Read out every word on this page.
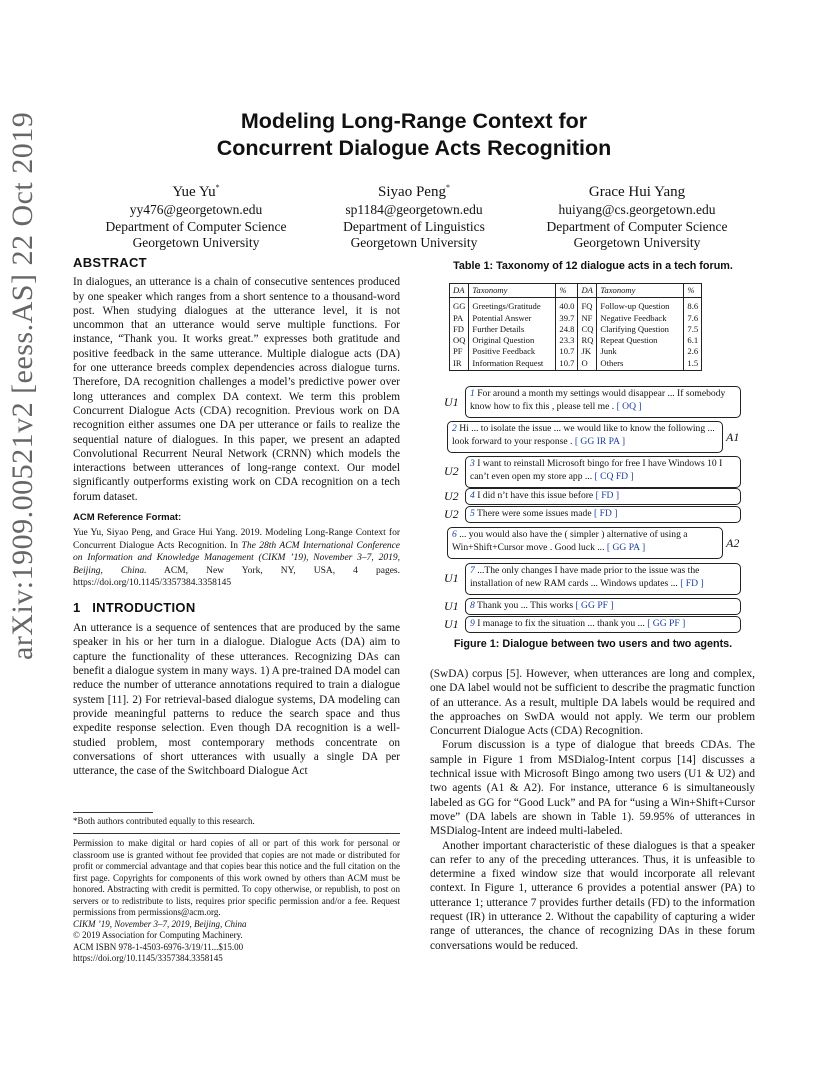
arXiv:1909.00521v2 [eess.AS] 22 Oct 2019	Modeling Long-Range Context for
Concurrent Dialogue Acts Recognition
Yue Yu*
yy476@georgetown.edu
Department of Computer Science
Georgetown University
Siyao Peng*
sp1184@georgetown.edu
Department of Linguistics
Georgetown University
Grace Hui Yang
huiyang@cs.georgetown.edu
Department of Computer Science
Georgetown University
ABSTRACT

In dialogues, an utterance is a chain of consecutive sentences produced by one speaker which ranges from a short sentence to a thousand-word post. When studying dialogues at the utterance level, it is not uncommon that an utterance would serve multiple functions. For instance, “Thank you. It works great.” expresses both gratitude and positive feedback in the same utterance. Multiple dialogue acts (DA) for one utterance breeds complex dependencies across dialogue turns. Therefore, DA recognition challenges a model’s predictive power over long utterances and complex DA context. We term this problem Concurrent Dialogue Acts (CDA) recognition. Previous work on DA recognition either assumes one DA per utterance or fails to realize the sequential nature of dialogues. In this paper, we present an adapted Convolutional Recurrent Neural Network (CRNN) which models the interactions between utterances of long-range context. Our model significantly outperforms existing work on CDA recognition on a tech forum dataset.

ACM Reference Format:
Yue Yu, Siyao Peng, and Grace Hui Yang. 2019. Modeling Long-Range Context for Concurrent Dialogue Acts Recognition. In The 28th ACM International Conference on Information and Knowledge Management (CIKM ’19), November 3–7, 2019, Beijing, China. ACM, New York, NY, USA, 4 pages. https://doi.org/10.1145/3357384.3358145
1   INTRODUCTION

An utterance is a sequence of sentences that are produced by the same speaker in his or her turn in a dialogue. Dialogue Acts (DA) aim to capture the functionality of these utterances. Recognizing DAs can benefit a dialogue system in many ways. 1) A pre-trained DA model can reduce the number of utterance annotations required to train a dialogue system [11]. 2) For retrieval-based dialogue systems, DA modeling can provide meaningful patterns to reduce the search space and thus expedite response selection. Even though DA recognition is a well-studied problem, most contemporary methods concentrate on conversations of short utterances with usually a single DA per utterance, the case of the Switchboard Dialogue Act

*Both authors contributed equally to this research.
Permission to make digital or hard copies of all or part of this work for personal or classroom use is granted without fee provided that copies are not made or distributed for profit or commercial advantage and that copies bear this notice and the full citation on the first page. Copyrights for components of this work owned by others than ACM must be honored. Abstracting with credit is permitted. To copy otherwise, or republish, to post on servers or to redistribute to lists, requires prior specific permission and/or a fee. Request permissions from permissions@acm.org.
CIKM ’19, November 3–7, 2019, Beijing, China
© 2019 Association for Computing Machinery.
ACM ISBN 978-1-4503-6976-3/19/11...$15.00
https://doi.org/10.1145/3357384.3358145
Table 1: Taxonomy of 12 dialogue acts in a tech forum.
DA	Taxonomy	%	DA	Taxonomy	%
GG	Greetings/Gratitude	40.0	FQ	Follow-up Question	8.6
PA	Potential Answer	39.7	NF	Negative Feedback	7.6
FD	Further Details	24.8	CQ	Clarifying Question	7.5
OQ	Original Question	23.3	RQ	Repeat Question	6.1
PF	Positive Feedback	10.7	JK	Junk	2.6
IR	Information Request	10.7	O	Others	1.5
U1
1 For around a month my settings would disappear ... If somebody know how to fix this , please tell me . [ OQ ]
2 Hi ... to isolate the issue ... we would like to know the following ... look forward to your response . [ GG IR PA ]	A1
U2
3 I want to reinstall Microsoft bingo for free I have Windows 10 I can’t even open my store app ... [ CQ FD ]
U2	4 I did n’t have this issue before [ FD ]
U2	5 There were some issues made [ FD ]
6 ... you would also have the ( simpler ) alternative of using a Win+Shift+Cursor move . Good luck ... [ GG PA ]	A2
U1
7 ...The only changes I have made prior to the issue was the installation of new RAM cards ... Windows updates ... [ FD ]
U1	8 Thank you ... This works [ GG PF ]
U1	9 I manage to fix the situation ... thank you ... [ GG PF ]
Figure 1: Dialogue between two users and two agents.

(SwDA) corpus [5]. However, when utterances are long and complex, one DA label would not be sufficient to describe the pragmatic function of an utterance. As a result, multiple DA labels would be required and the approaches on SwDA would not apply. We term our problem Concurrent Dialogue Acts (CDA) Recognition.

Forum discussion is a type of dialogue that breeds CDAs. The sample in Figure 1 from MSDialog-Intent corpus [14] discusses a technical issue with Microsoft Bingo among two users (U1 & U2) and two agents (A1 & A2). For instance, utterance 6 is simultaneously labeled as GG for “Good Luck” and PA for “using a Win+Shift+Cursor move” (DA labels are shown in Table 1). 59.95% of utterances in MSDialog-Intent are indeed multi-labeled.

Another important characteristic of these dialogues is that a speaker can refer to any of the preceding utterances. Thus, it is unfeasible to determine a fixed window size that would incorporate all relevant context. In Figure 1, utterance 6 provides a potential answer (PA) to utterance 1; utterance 7 provides further details (FD) to the information request (IR) in utterance 2. Without the capability of capturing a wider range of utterances, the chance of recognizing DAs in these forum conversations would be reduced.
